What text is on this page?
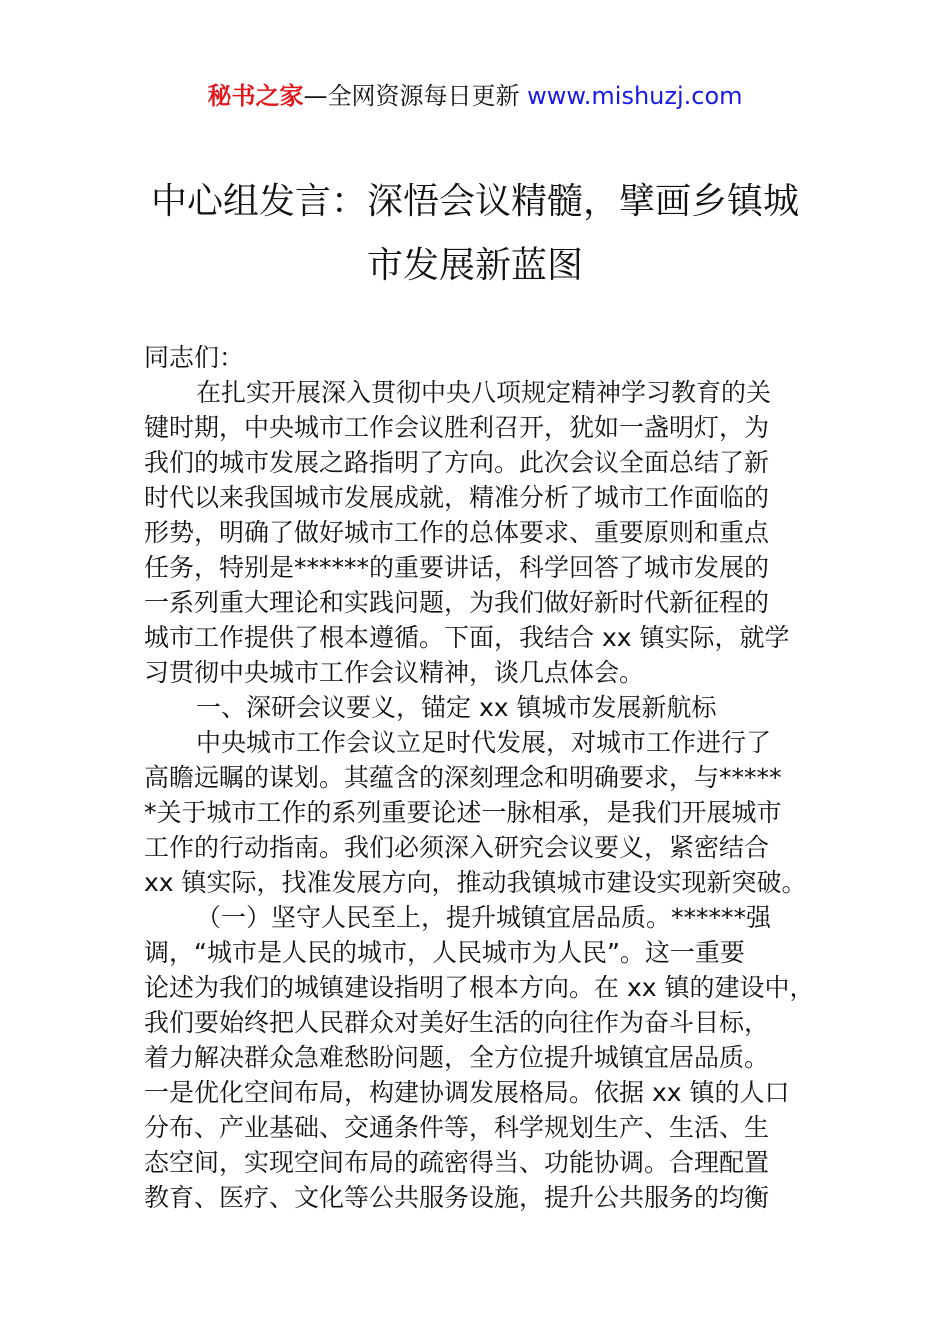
秘书之家—全网资源每日更新 www.mishuzj.com
中心组发言：深悟会议精髓，擘画乡镇城
市发展新蓝图
同志们：
在扎实开展深入贯彻中央八项规定精神学习教育的关
键时期，中央城市工作会议胜利召开，犹如一盏明灯，为
我们的城市发展之路指明了方向。此次会议全面总结了新
时代以来我国城市发展成就，精准分析了城市工作面临的
形势，明确了做好城市工作的总体要求、重要原则和重点
任务，特别是******的重要讲话，科学回答了城市发展的
一系列重大理论和实践问题，为我们做好新时代新征程的
城市工作提供了根本遵循。下面，我结合 xx 镇实际，就学
习贯彻中央城市工作会议精神，谈几点体会。
一、深研会议要义，锚定 xx 镇城市发展新航标
中央城市工作会议立足时代发展，对城市工作进行了
高瞻远瞩的谋划。其蕴含的深刻理念和明确要求，与*****
*关于城市工作的系列重要论述一脉相承，是我们开展城市
工作的行动指南。我们必须深入研究会议要义，紧密结合
xx 镇实际，找准发展方向，推动我镇城市建设实现新突破。
（一）坚守人民至上，提升城镇宜居品质。******强
调，“城市是人民的城市，人民城市为人民”。这一重要
论述为我们的城镇建设指明了根本方向。在 xx 镇的建设中，
我们要始终把人民群众对美好生活的向往作为奋斗目标，
着力解决群众急难愁盼问题，全方位提升城镇宜居品质。
一是优化空间布局，构建协调发展格局。依据 xx 镇的人口
分布、产业基础、交通条件等，科学规划生产、生活、生
态空间，实现空间布局的疏密得当、功能协调。合理配置
教育、医疗、文化等公共服务设施，提升公共服务的均衡
